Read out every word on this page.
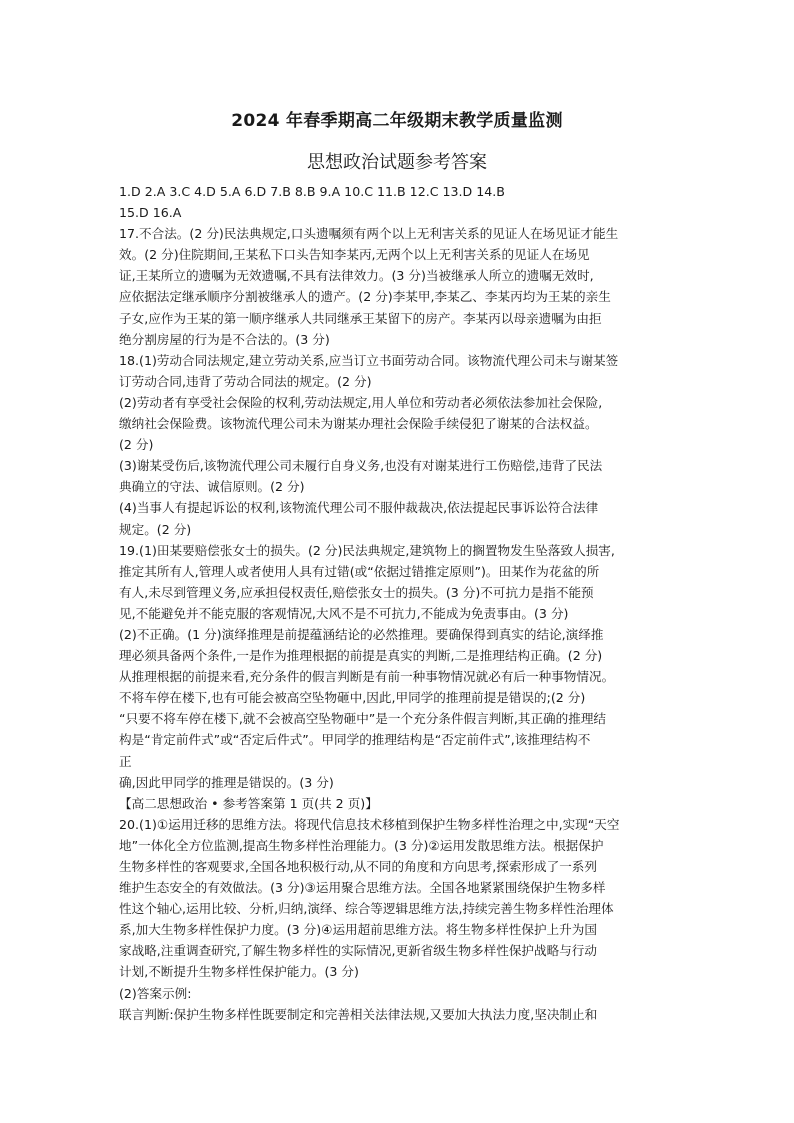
2024 年春季期高二年级期末教学质量监测
思想政治试题参考答案
1.D 2.A 3.C 4.D 5.A 6.D 7.B 8.B 9.A 10.C 11.B 12.C 13.D 14.B
15.D 16.A
17.不合法。(2 分)民法典规定,口头遗嘱须有两个以上无利害关系的见证人在场见证才能生
效。(2 分)住院期间,王某私下口头告知李某丙,无两个以上无利害关系的见证人在场见
证,王某所立的遗嘱为无效遗嘱,不具有法律效力。(3 分)当被继承人所立的遗嘱无效时,
应依据法定继承顺序分割被继承人的遗产。(2 分)李某甲,李某乙、李某丙均为王某的亲生
子女,应作为王某的第一顺序继承人共同继承王某留下的房产。李某丙以母亲遗嘱为由拒
绝分割房屋的行为是不合法的。(3 分)
18.(1)劳动合同法规定,建立劳动关系,应当订立书面劳动合同。该物流代理公司未与谢某签
订劳动合同,违背了劳动合同法的规定。(2 分)
(2)劳动者有享受社会保险的权利,劳动法规定,用人单位和劳动者必须依法参加社会保险,
缴纳社会保险费。该物流代理公司未为谢某办理社会保险手续侵犯了谢某的合法权益。
(2 分)
(3)谢某受伤后,该物流代理公司未履行自身义务,也没有对谢某进行工伤赔偿,违背了民法
典确立的守法、诚信原则。(2 分)
(4)当事人有提起诉讼的权利,该物流代理公司不服仲裁裁决,依法提起民事诉讼符合法律
规定。(2 分)
19.(1)田某要赔偿张女士的损失。(2 分)民法典规定,建筑物上的搁置物发生坠落致人损害,
推定其所有人,管理人或者使用人具有过错(或“依据过错推定原则”)。田某作为花盆的所
有人,未尽到管理义务,应承担侵权责任,赔偿张女士的损失。(3 分)不可抗力是指不能预
见,不能避免并不能克服的客观情况,大风不是不可抗力,不能成为免责事由。(3 分)
(2)不正确。(1 分)演绎推理是前提蕴涵结论的必然推理。要确保得到真实的结论,演绎推
理必须具备两个条件,一是作为推理根据的前提是真实的判断,二是推理结构正确。(2 分)
从推理根据的前提来看,充分条件的假言判断是有前一种事物情况就必有后一种事物情况。
不将车停在楼下,也有可能会被高空坠物砸中,因此,甲同学的推理前提是错误的;(2 分)
“只要不将车停在楼下,就不会被高空坠物砸中”是一个充分条件假言判断,其正确的推理结
构是“肯定前件式”或“否定后件式”。甲同学的推理结构是“否定前件式”,该推理结构不
正
确,因此甲同学的推理是错误的。(3 分)
【高二思想政治 • 参考答案第 1 页(共 2 页)】
20.(1)①运用迁移的思维方法。将现代信息技术移植到保护生物多样性治理之中,实现“天空
地”一体化全方位监测,提高生物多样性治理能力。(3 分)②运用发散思维方法。根据保护
生物多样性的客观要求,全国各地积极行动,从不同的角度和方向思考,探索形成了一系列
维护生态安全的有效做法。(3 分)③运用聚合思维方法。全国各地紧紧围绕保护生物多样
性这个轴心,运用比较、分析,归纳,演绎、综合等逻辑思维方法,持续完善生物多样性治理体
系,加大生物多样性保护力度。(3 分)④运用超前思维方法。将生物多样性保护上升为国
家战略,注重调查研究,了解生物多样性的实际情况,更新省级生物多样性保护战略与行动
计划,不断提升生物多样性保护能力。(3 分)
(2)答案示例:
联言判断:保护生物多样性既要制定和完善相关法律法规,又要加大执法力度,坚决制止和
